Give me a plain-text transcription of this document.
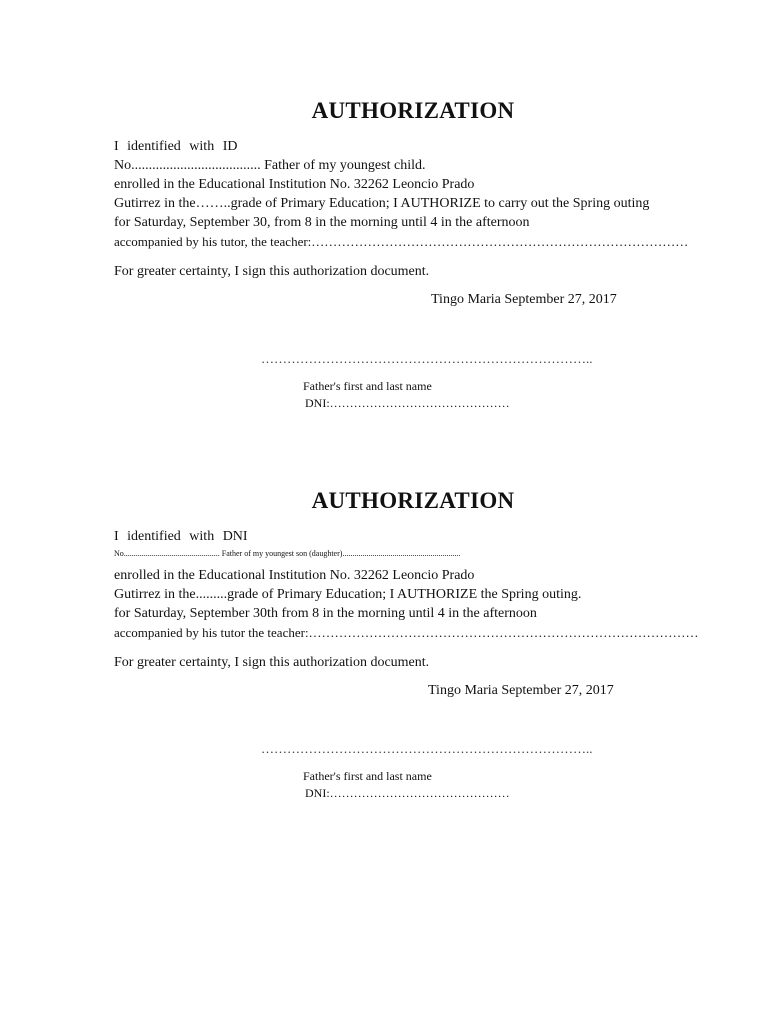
AUTHORIZATION
I identified with ID
No..................................... Father of my youngest child.
enrolled in the Educational Institution No. 32262 Leoncio Prado
Gutirrez in the……..grade of Primary Education; I AUTHORIZE to carry out the Spring outing
for Saturday, September 30, from 8 in the morning until 4 in the afternoon
accompanied by his tutor, the teacher:……………………………………………………………………………
For greater certainty, I sign this authorization document.
Tingo Maria September 27, 2017
…………………………………………………………………..
Father's first and last name
DNI:………………………………………
AUTHORIZATION
I identified with DNI
No................................................ Father of my youngest son (daughter)...........................................................
enrolled in the Educational Institution No. 32262 Leoncio Prado
Gutirrez in the.........grade of Primary Education; I AUTHORIZE the Spring outing.
for Saturday, September 30th from 8 in the morning until 4 in the afternoon
accompanied by his tutor the teacher:………………………………………………………………………………
For greater certainty, I sign this authorization document.
Tingo Maria September 27, 2017
…………………………………………………………………..
Father's first and last name
DNI:………………………………………
